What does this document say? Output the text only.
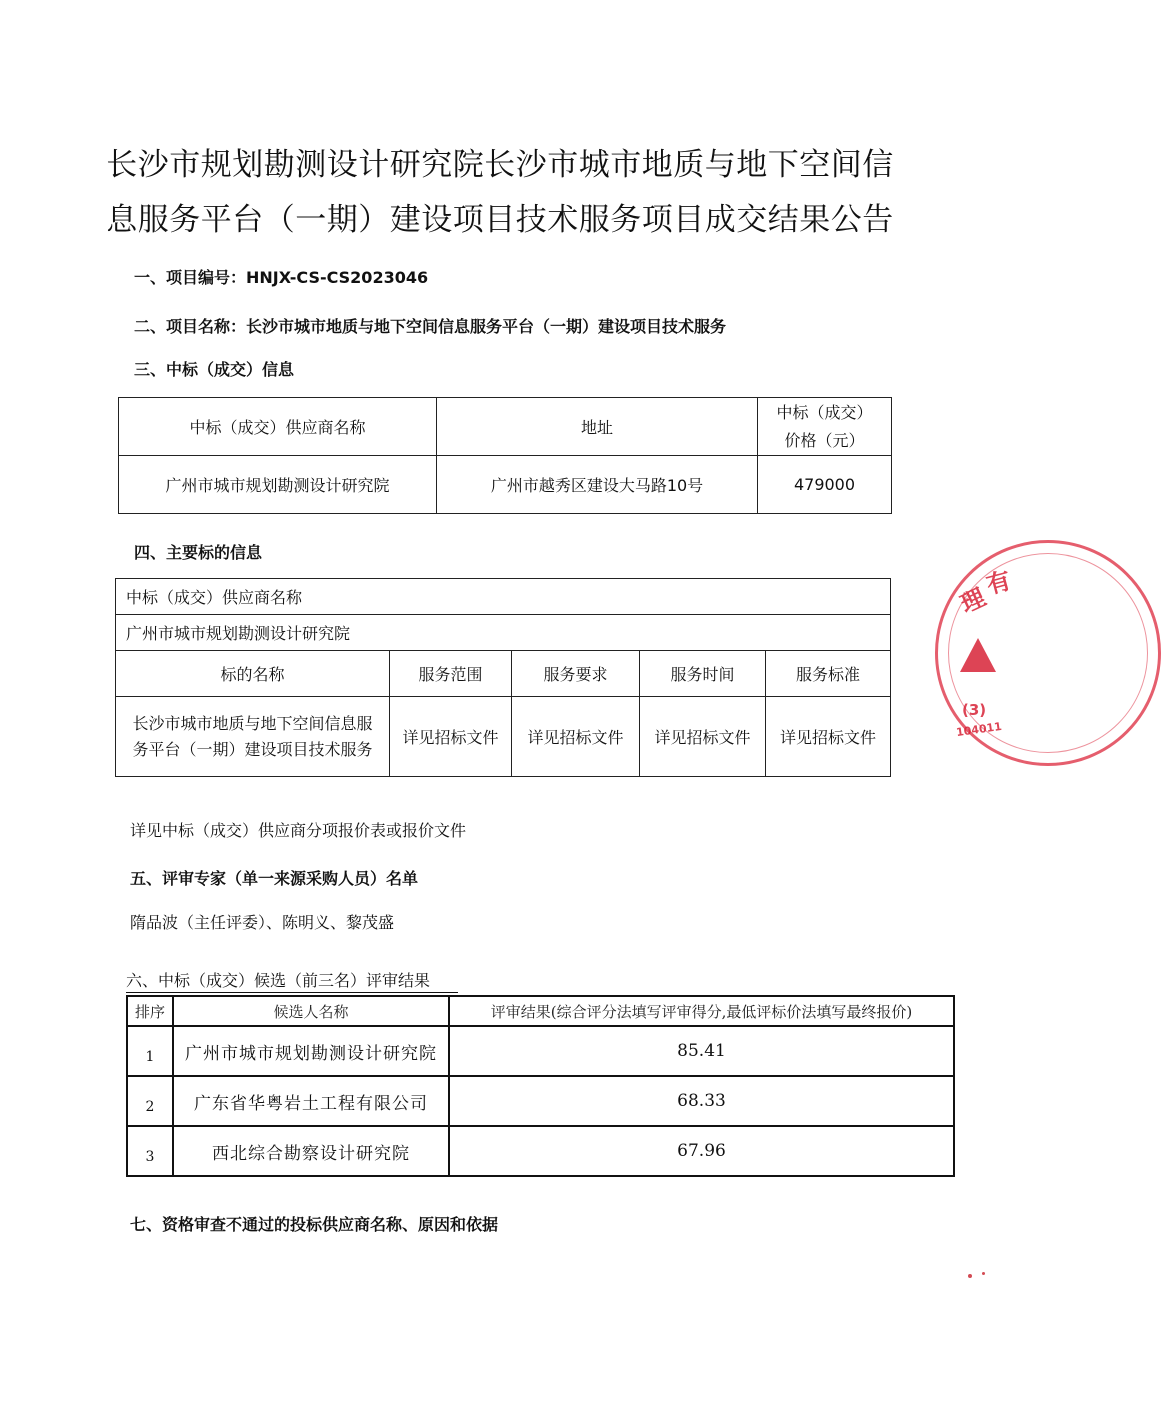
长沙市规划勘测设计研究院长沙市城市地质与地下空间信
息服务平台（一期）建设项目技术服务项目成交结果公告
一、项目编号：HNJX-CS-CS2023046
二、项目名称：长沙市城市地质与地下空间信息服务平台（一期）建设项目技术服务
三、中标（成交）信息
中标（成交）供应商名称	地址	中标（成交）
价格（元）

广州市城市规划勘测设计研究院	广州市越秀区建设大马路10号	479000
四、主要标的信息
中标（成交）供应商名称				
广州市城市规划勘测设计研究院				
标的名称	服务范围	服务要求	服务时间	服务标准

长沙市城市地质与地下空间信息服
务平台（一期）建设项目技术服务	详见招标文件	详见招标文件	详见招标文件	详见招标文件
详见中标（成交）供应商分项报价表或报价文件
五、评审专家（单一来源采购人员）名单
隋品波（主任评委）、陈明义、黎茂盛
六、中标（成交）候选（前三名）评审结果
排序	候选人名称	评审结果(综合评分法填写评审得分,最低评标价法填写最终报价)
1	广州市城市规划勘测设计研究院	85.41
2	广东省华粤岩土工程有限公司	68.33
3	西北综合勘察设计研究院	67.96
七、资格审查不通过的投标供应商名称、原因和依据
理
有
(3)
104011
